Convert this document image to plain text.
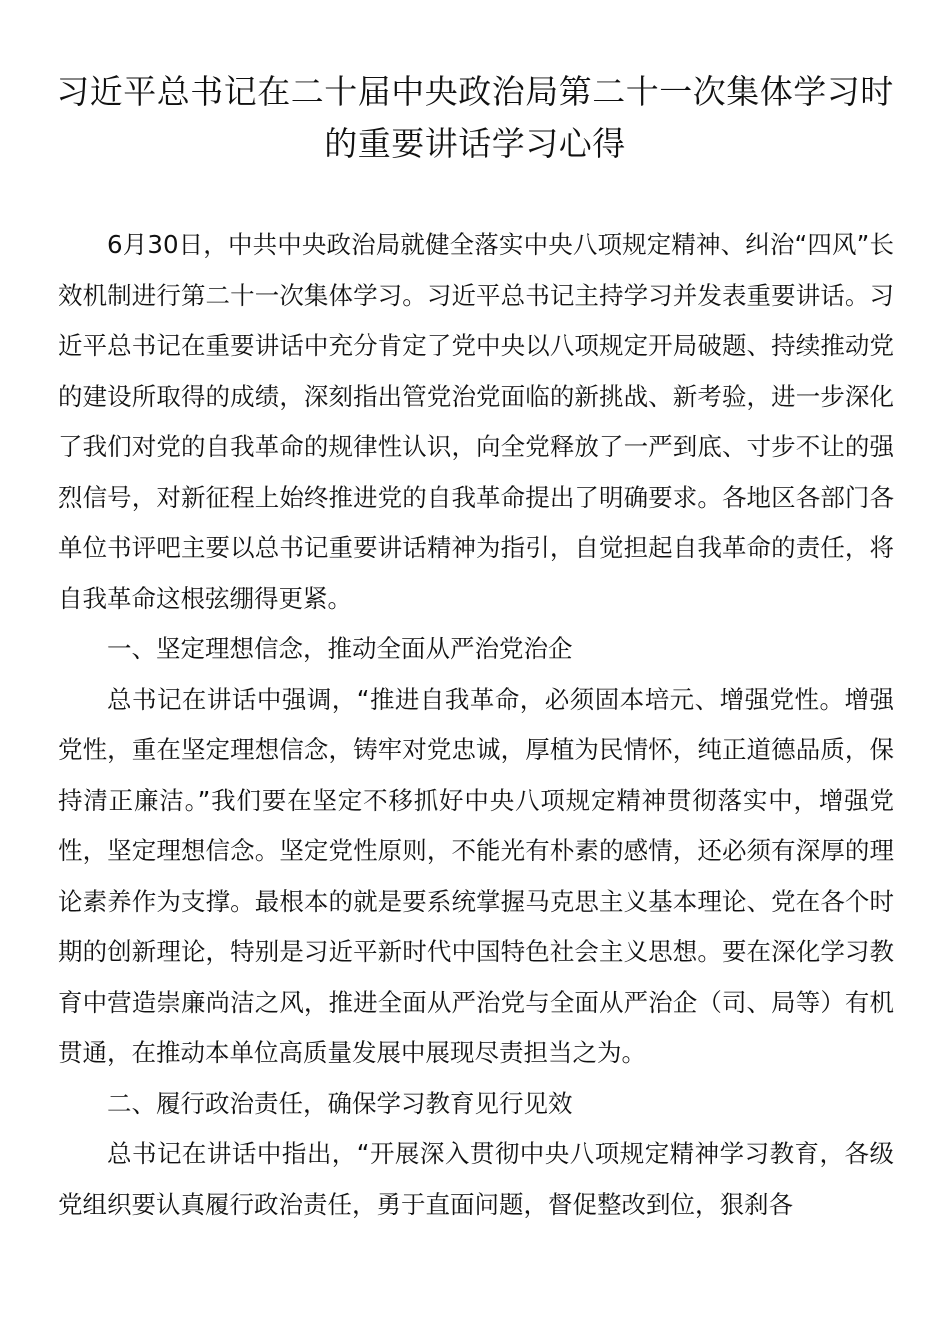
习近平总书记在二十届中央政治局第二十一次集体学习时的重要讲话学习心得

6月30日，中共中央政治局就健全落实中央八项规定精神、纠治“四风”长效机制进行第二十一次集体学习。习近平总书记主持学习并发表重要讲话。习近平总书记在重要讲话中充分肯定了党中央以八项规定开局破题、持续推动党的建设所取得的成绩，深刻指出管党治党面临的新挑战、新考验，进一步深化了我们对党的自我革命的规律性认识，向全党释放了一严到底、寸步不让的强烈信号，对新征程上始终推进党的自我革命提出了明确要求。各地区各部门各单位书评吧主要以总书记重要讲话精神为指引，自觉担起自我革命的责任，将自我革命这根弦绷得更紧。

一、坚定理想信念，推动全面从严治党治企

总书记在讲话中强调，“推进自我革命，必须固本培元、增强党性。增强党性，重在坚定理想信念，铸牢对党忠诚，厚植为民情怀，纯正道德品质，保持清正廉洁。”我们要在坚定不移抓好中央八项规定精神贯彻落实中，增强党性，坚定理想信念。坚定党性原则，不能光有朴素的感情，还必须有深厚的理论素养作为支撑。最根本的就是要系统掌握马克思主义基本理论、党在各个时期的创新理论，特别是习近平新时代中国特色社会主义思想。要在深化学习教育中营造崇廉尚洁之风，推进全面从严治党与全面从严治企（司、局等）有机贯通，在推动本单位高质量发展中展现尽责担当之为。

二、履行政治责任，确保学习教育见行见效

总书记在讲话中指出，“开展深入贯彻中央八项规定精神学习教育，各级党组织要认真履行政治责任，勇于直面问题，督促整改到位，狠刹各
